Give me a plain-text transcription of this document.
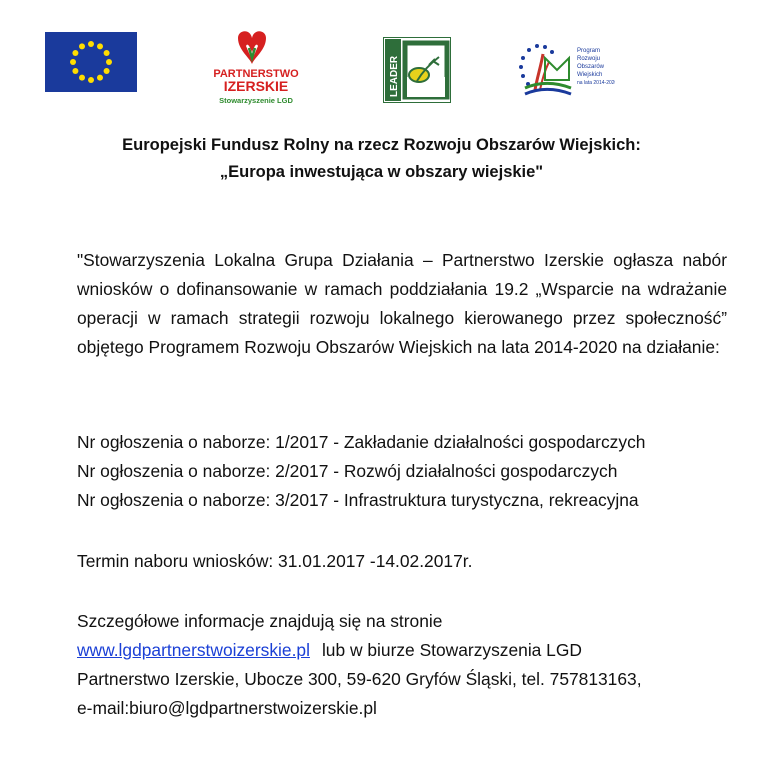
PARTNERSTWO
IZERSKIE
Stowarzyszenie LGD
LEADER
Program
Rozwoju
Obszarów
Wiejskich
na lata 2014-2020
Europejski Fundusz Rolny na rzecz Rozwoju Obszarów Wiejskich:
„Europa inwestująca w obszary wiejskie"
"Stowarzyszenia Lokalna Grupa Działania – Partnerstwo Izerskie ogłasza nabór wniosków o dofinansowanie w ramach poddziałania 19.2 „Wsparcie na wdrażanie operacji w ramach strategii rozwoju lokalnego kierowanego przez społeczność” objętego Programem Rozwoju Obszarów Wiejskich na lata 2014-2020 na działanie:
Nr ogłoszenia o naborze: 1/2017 - Zakładanie działalności gospodarczych
Nr ogłoszenia o naborze: 2/2017 - Rozwój działalności gospodarczych
Nr ogłoszenia o naborze: 3/2017 - Infrastruktura turystyczna, rekreacyjna
Termin naboru wniosków: 31.01.2017 -14.02.2017r.
Szczegółowe informacje znajdują się na stronie
www.lgdpartnerstwoizerskie.pl lub w biurze Stowarzyszenia LGD
Partnerstwo Izerskie, Ubocze 300, 59-620 Gryfów Śląski, tel. 757813163,
e-mail:biuro@lgdpartnerstwoizerskie.pl
